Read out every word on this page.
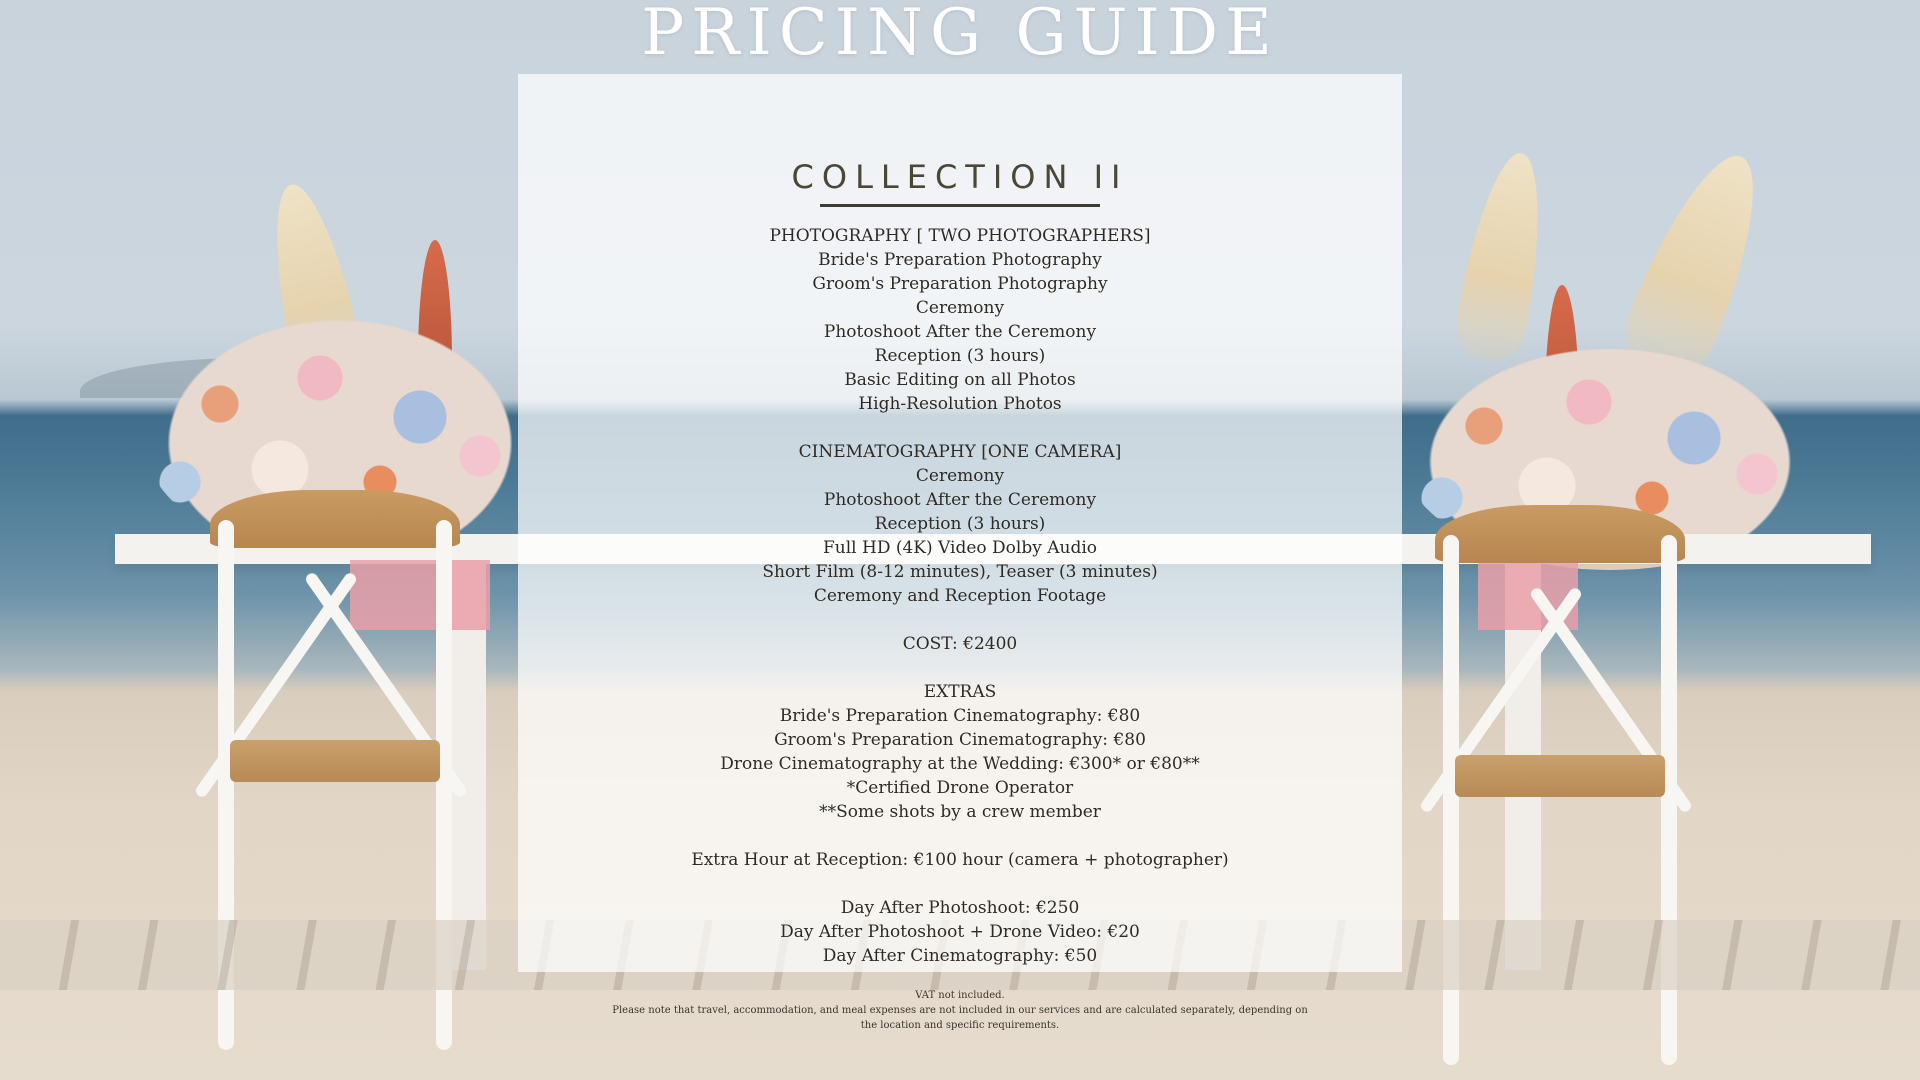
PRICING GUIDE
COLLECTION II
PHOTOGRAPHY [ TWO PHOTOGRAPHERS]
Bride's Preparation Photography
Groom's Preparation Photography
Ceremony
Photoshoot After the Ceremony
Reception (3 hours)
Basic Editing on all Photos
High-Resolution Photos
CINEMATOGRAPHY [ONE CAMERA]
Ceremony
Photoshoot After the Ceremony
Reception (3 hours)
Full HD (4K) Video Dolby Audio
Short Film (8-12 minutes), Teaser (3 minutes)
Ceremony and Reception Footage
COST: €2400
EXTRAS
Bride's Preparation Cinematography: €80
Groom's Preparation Cinematography: €80
Drone Cinematography at the Wedding: €300* or €80**
*Certified Drone Operator
**Some shots by a crew member
Extra Hour at Reception: €100 hour (camera + photographer)
Day After Photoshoot: €250
Day After Photoshoot + Drone Video: €20
Day After Cinematography: €50

VAT not included.

Please note that travel, accommodation, and meal expenses are not included in our services and are calculated separately, depending on the location and specific requirements.
